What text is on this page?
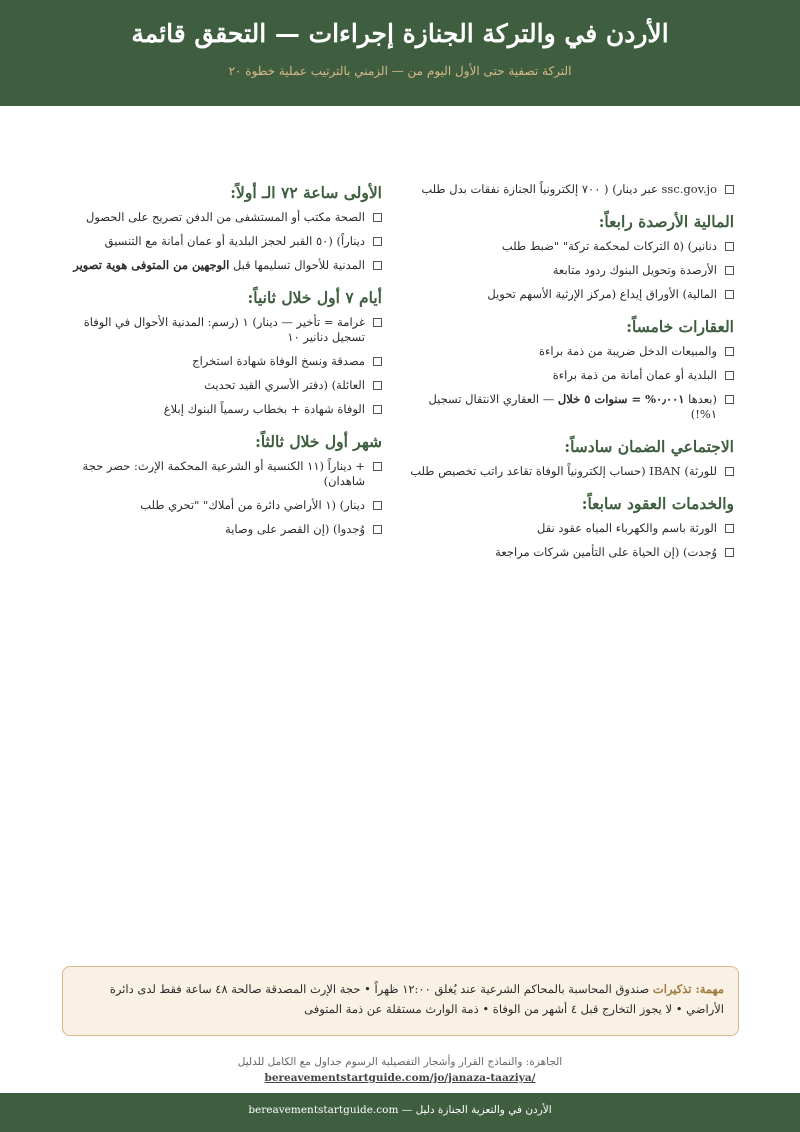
الأردن في والتركة الجنازة إجراءات — التحقق قائمة
التركة تصفية حتى الأول اليوم من — الزمني بالترتيب عملية خطوة ٢٠
ssc.gov.jo عبر دينار) ( ٧٠٠ إلكترونياً الجنازة نفقات بدل طلب
المالية الأرصدة رابعاً:
دنانير) (٥ التركات لمحكمة تركة" "ضبط طلب
الأرصدة وتحويل البنوك ردود متابعة
المالية) الأوراق إيداع (مركز الإرثية الأسهم تحويل
العقارات خامساً:
والمبيعات الدخل ضريبة من ذمة براءة
البلدية أو عمان أمانة من ذمة براءة
(بعدها ٠٫٠٠١% = سنوات ٥ خلال — العقاري الانتقال تسجيل ١%!)
الاجتماعي الضمان سادساً:
للورثة) IBAN (حساب إلكترونياً الوفاة تقاعد راتب تخصيص طلب
والخدمات العقود سابعاً:
الورثة باسم والكهرباء المياه عقود نقل
وُجدت) (إن الحياة على التأمين شركات مراجعة
الأولى ساعة ٧٢ الـ أولاً:
الصحة مكتب أو المستشفى من الدفن تصريح على الحصول
ديناراً) (٥٠ القبر لحجز البلدية أو عمان أمانة مع التنسيق
المدنية للأحوال تسليمها قبل الوجهين من المتوفى هوية تصوير
أيام ٧ أول خلال ثانياً:
غرامة = تأخير — دينار) ١ (رسم: المدنية الأحوال في الوفاة تسجيل دنانير ١٠
مصدقة ونسخ الوفاة شهادة استخراج
العائلة) (دفتر الأسري القيد تحديث
الوفاة شهادة + بخطاب رسمياً البنوك إبلاغ
شهر أول خلال ثالثاً:
+ ديناراً (١١ الكنسية أو الشرعية المحكمة الإرث: حصر حجة شاهدان)
دينار) (١ الأراضي دائرة من أملاك" "تحري طلب
وُجدوا) (إن القصر على وصاية
مهمة: تذكيرات صندوق المحاسبة بالمحاكم الشرعية عند يُغلق ١٢:٠٠ ظهراً • حجة الإرث المصدقة صالحة ٤٨ ساعة فقط لدى دائرة الأراضي • لا يجوز التخارج قبل ٤ أشهر من الوفاة • ذمة الوارث مستقلة عن ذمة المتوفى
الجاهزة: والنماذج القرار وأشجار التفصيلية الرسوم جداول مع الكامل للدليل
bereavementstartguide.com/jo/janaza-taaziya/
الأردن في والتعزية الجنازة دليل — bereavementstartguide.com
